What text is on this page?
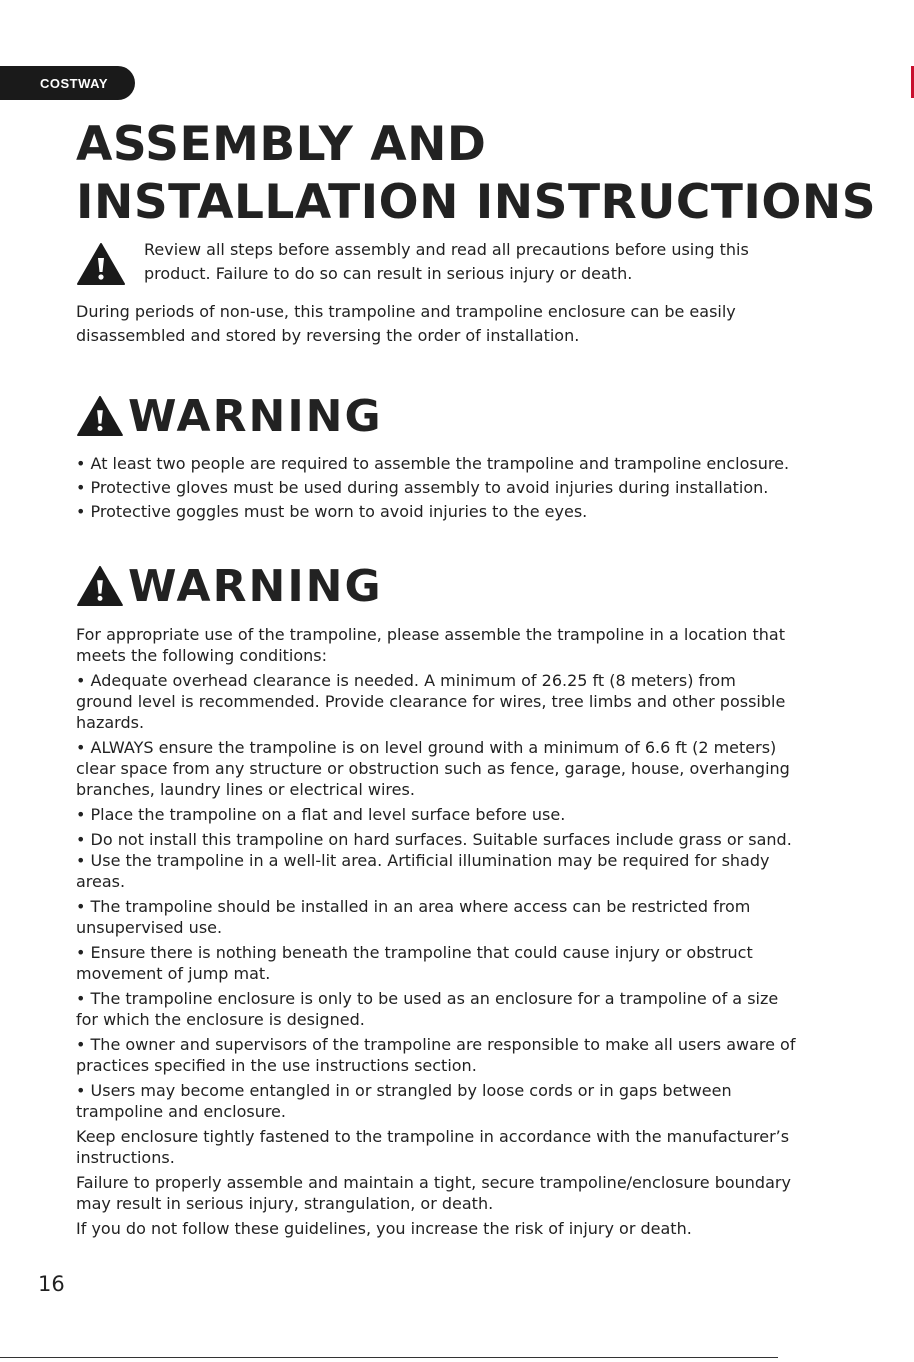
COSTWAY
ASSEMBLY AND
INSTALLATION INSTRUCTIONS

Review all steps before assembly and read all precautions before using this
product. Failure to do so can result in serious injury or death.

During periods of non-use, this trampoline and trampoline enclosure can be easily
disassembled and stored by reversing the order of installation.

WARNING
• At least two people are required to assemble the trampoline and trampoline enclosure.
• Protective gloves must be used during assembly to avoid injuries during installation.
• Protective goggles must be worn to avoid injuries to the eyes.
WARNING

For appropriate use of the trampoline, please assemble the trampoline in a location that
meets the following conditions:

• Adequate overhead clearance is needed. A minimum of 26.25 ft (8 meters) from
ground level is recommended. Provide clearance for wires, tree limbs and other possible
hazards.

• ALWAYS ensure the trampoline is on level ground with a minimum of 6.6 ft (2 meters)
clear space from any structure or obstruction such as fence, garage, house, overhanging
branches, laundry lines or electrical wires.

• Place the trampoline on a flat and level surface before use.

• Do not install this trampoline on hard surfaces. Suitable surfaces include grass or sand.

• Use the trampoline in a well-lit area. Artificial illumination may be required for shady
areas.

• The trampoline should be installed in an area where access can be restricted from
unsupervised use.

• Ensure there is nothing beneath the trampoline that could cause injury or obstruct
movement of jump mat.

• The trampoline enclosure is only to be used as an enclosure for a trampoline of a size
for which the enclosure is designed.

• The owner and supervisors of the trampoline are responsible to make all users aware of
practices specified in the use instructions section.

• Users may become entangled in or strangled by loose cords or in gaps between
trampoline and enclosure.

Keep enclosure tightly fastened to the trampoline in accordance with the manufacturer’s
instructions.

Failure to properly assemble and maintain a tight, secure trampoline/enclosure boundary
may result in serious injury, strangulation, or death.

If you do not follow these guidelines, you increase the risk of injury or death.

16
